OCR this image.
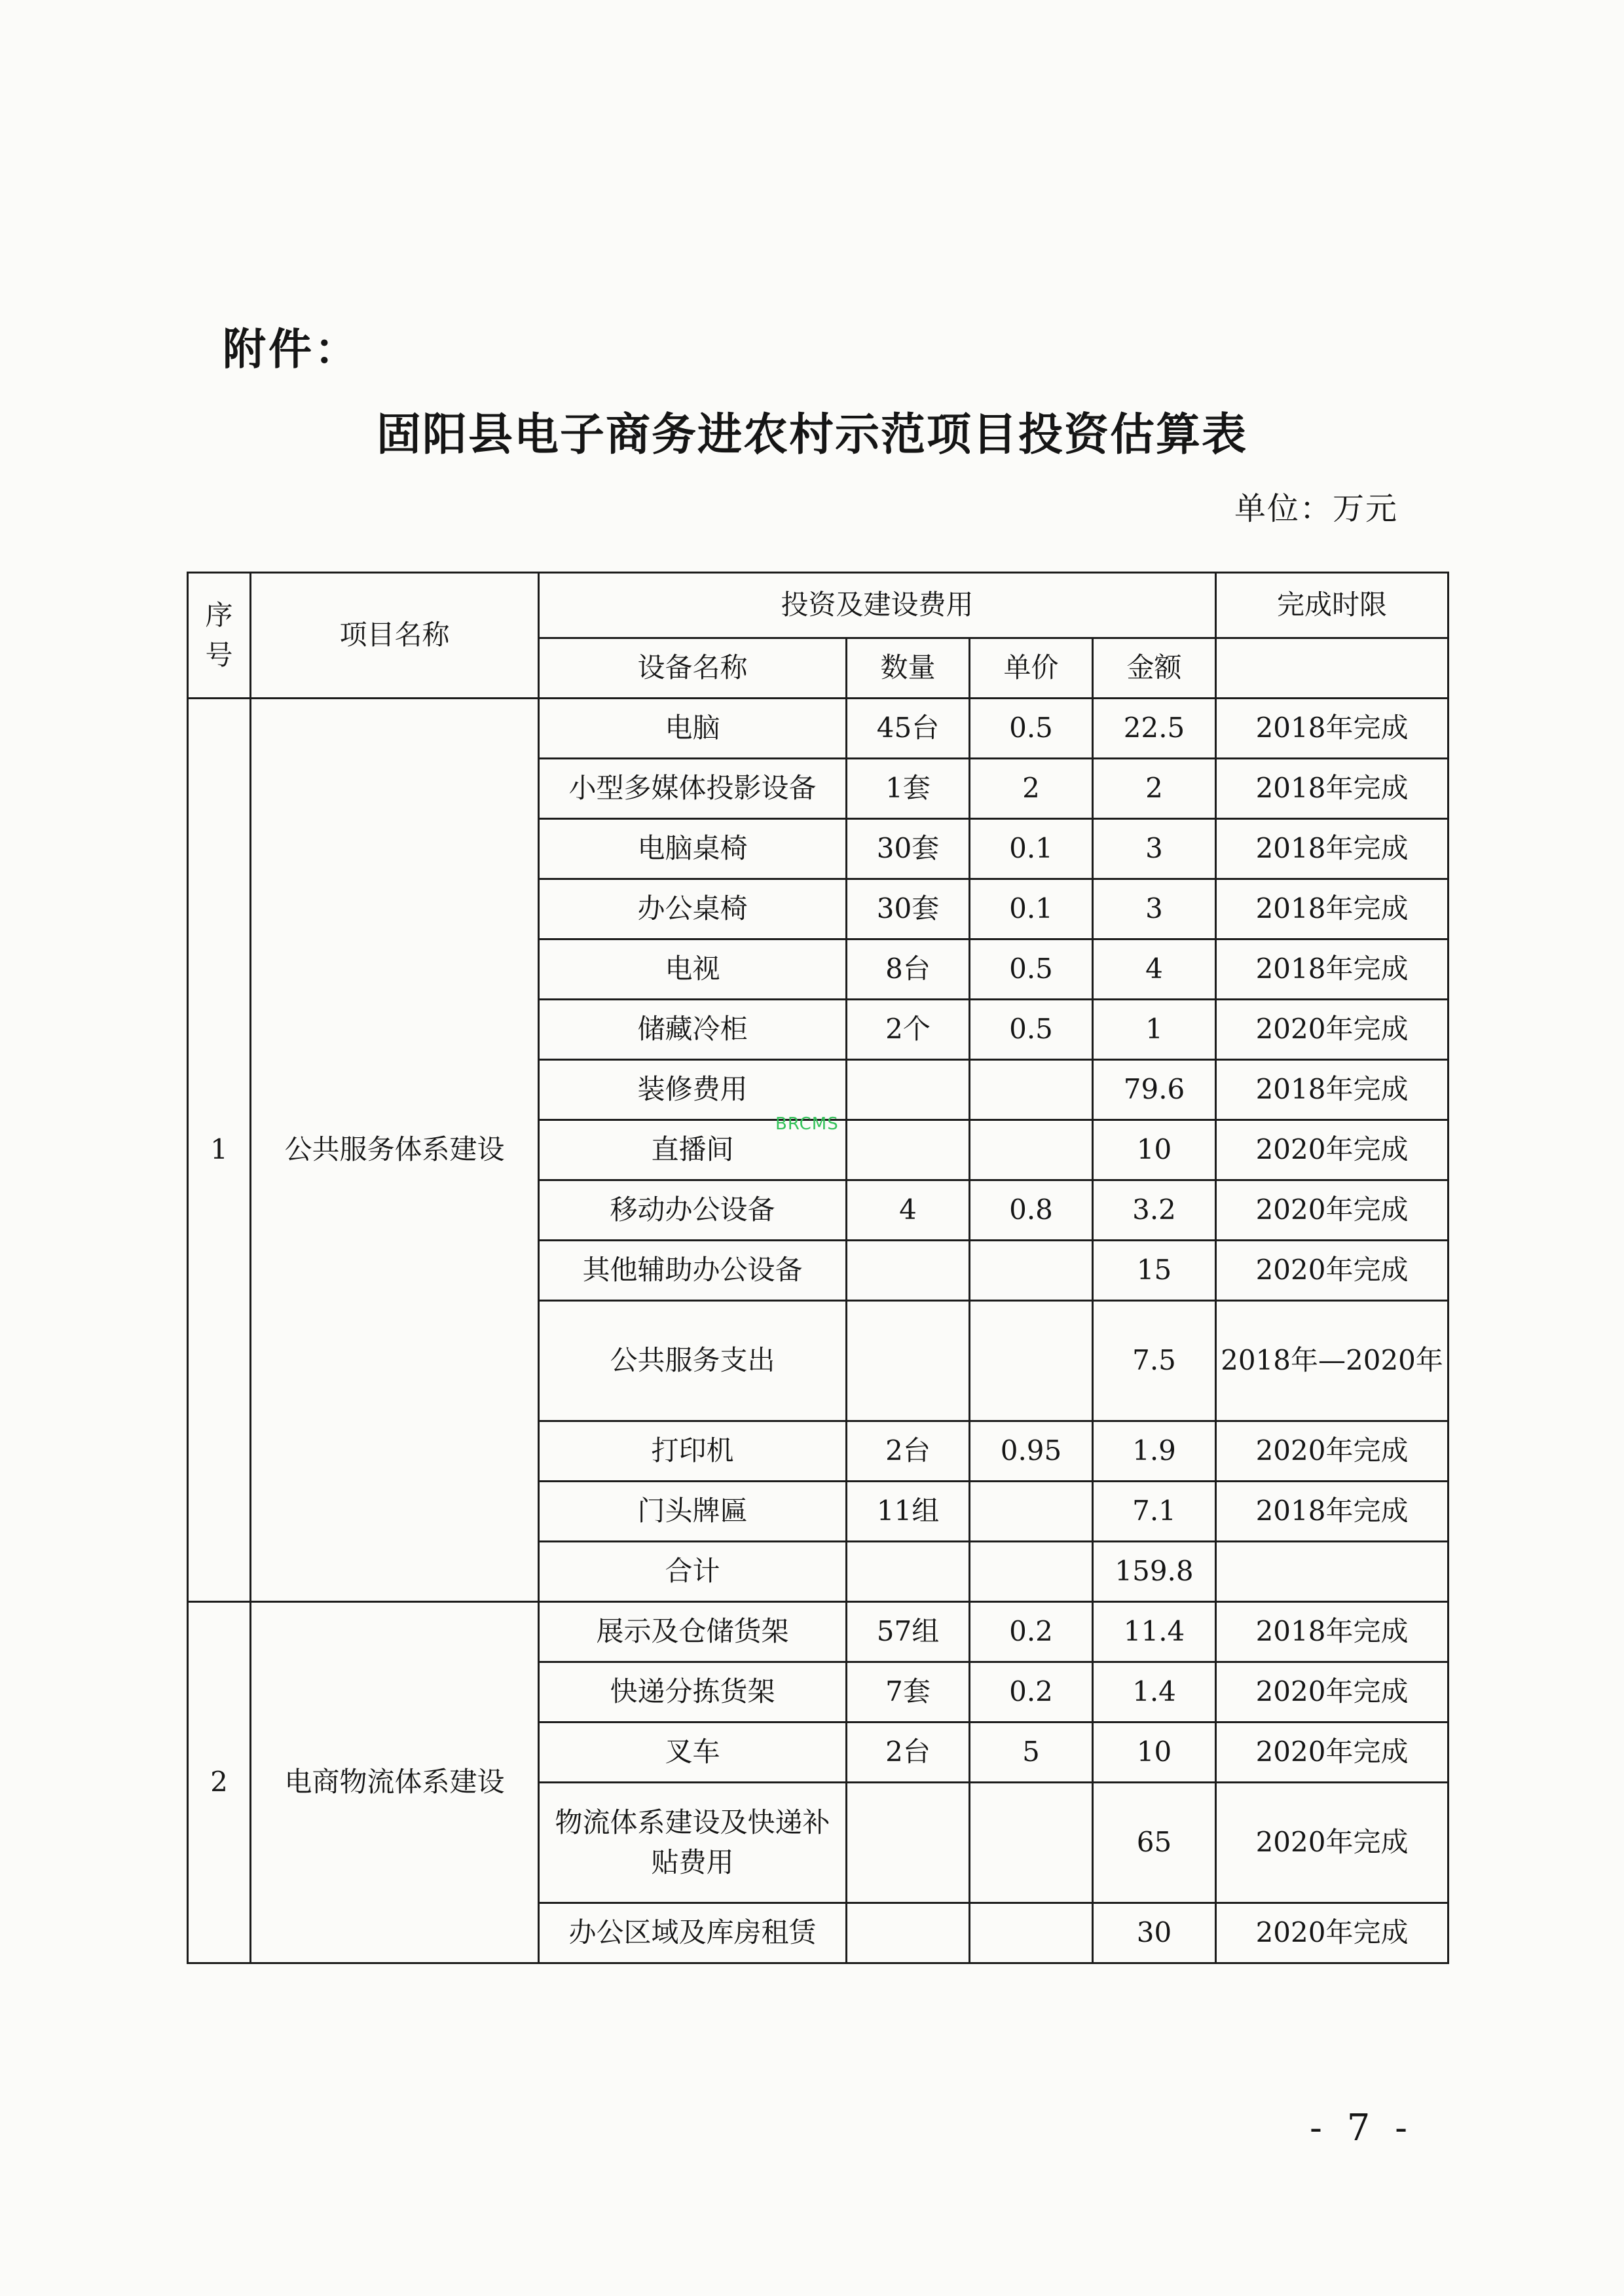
附件：
固阳县电子商务进农村示范项目投资估算表
单位：万元
序号	项目名称	投资及建设费用				完成时限
		设备名称	数量	单价	金额	
1	公共服务体系建设	电脑	45台	0.5	22.5	2018年完成
		小型多媒体投影设备	1套	2	2	2018年完成
		电脑桌椅	30套	0.1	3	2018年完成
		办公桌椅	30套	0.1	3	2018年完成
		电视	8台	0.5	4	2018年完成
		储藏冷柜	2个	0.5	1	2020年完成
		装修费用			79.6	2018年完成
		直播间			10	2020年完成
		移动办公设备	4	0.8	3.2	2020年完成
		其他辅助办公设备			15	2020年完成
		公共服务支出			7.5	2018年—2020年
		打印机	2台	0.95	1.9	2020年完成
		门头牌匾	11组		7.1	2018年完成
		合计			159.8	
2	电商物流体系建设	展示及仓储货架	57组	0.2	11.4	2018年完成
		快递分拣货架	7套	0.2	1.4	2020年完成
		叉车	2台	5	10	2020年完成
		物流体系建设及快递补贴费用			65	2020年完成
		办公区域及库房租赁			30	2020年完成
BRCMS
- 7 -
